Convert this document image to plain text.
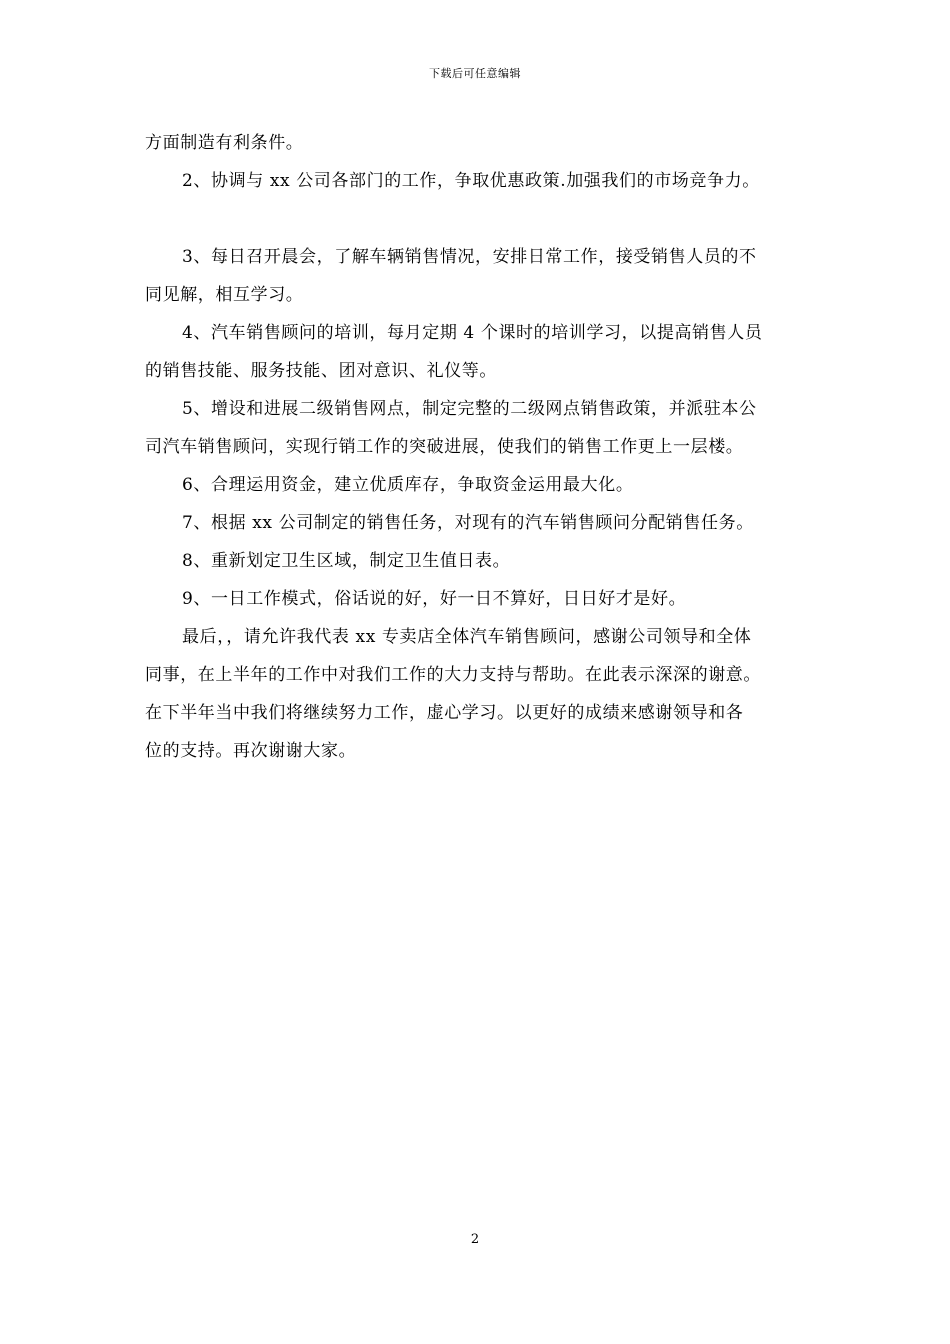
下载后可任意编辑
方面制造有利条件。
2、协调与 xx 公司各部门的工作，争取优惠政策.加强我们的市场竞争力。
3、每日召开晨会，了解车辆销售情况，安排日常工作，接受销售人员的不
同见解，相互学习。
4、汽车销售顾问的培训，每月定期 4 个课时的培训学习，以提高销售人员
的销售技能、服务技能、团对意识、礼仪等。
5、增设和进展二级销售网点，制定完整的二级网点销售政策，并派驻本公
司汽车销售顾问，实现行销工作的突破进展，使我们的销售工作更上一层楼。
6、合理运用资金，建立优质库存，争取资金运用最大化。
7、根据 xx 公司制定的销售任务，对现有的汽车销售顾问分配销售任务。
8、重新划定卫生区域，制定卫生值日表。
9、一日工作模式，俗话说的好，好一日不算好，日日好才是好。
最后，，请允许我代表 xx 专卖店全体汽车销售顾问，感谢公司领导和全体
同事，在上半年的工作中对我们工作的大力支持与帮助。在此表示深深的谢意。
在下半年当中我们将继续努力工作，虚心学习。以更好的成绩来感谢领导和各
位的支持。再次谢谢大家。
2
